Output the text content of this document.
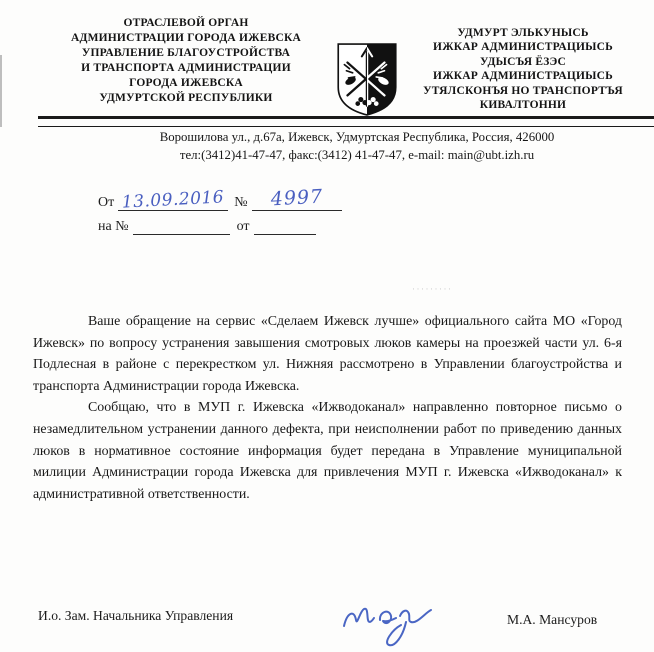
ОТРАСЛЕВОЙ ОРГАН
АДМИНИСТРАЦИИ ГОРОДА ИЖЕВСКА
УПРАВЛЕНИЕ БЛАГОУСТРОЙСТВА
И ТРАНСПОРТА АДМИНИСТРАЦИИ
ГОРОДА ИЖЕВСКА
УДМУРТСКОЙ РЕСПУБЛИКИ
УДМУРТ ЭЛЬКУНЫСЬ
ИЖКАР АДМИНИСТРАЦИЫСЬ
УДЫСЪЯ ЁЗЭС
ИЖКАР АДМИНИСТРАЦИЫСЬ
УТЯЛСКОНЪЯ НО ТРАНСПОРТЪЯ
КИВАЛТОННИ
Ворошилова ул., д.67а, Ижевск, Удмуртская Республика, Россия, 426000
тел:(3412)41-47-47, факс:(3412) 41-47-47, e-mail: main@ubt.izh.ru
От 13.09.2016 №	4997
на №	от
·········

Ваше обращение на сервис «Сделаем Ижевск лучше» официального сайта МО «Город Ижевск» по вопросу устранения завышения смотровых люков камеры на проезжей части ул. 6-я Подлесная в районе с перекрестком ул. Нижняя рассмотрено в Управлении благоустройства и транспорта Администрации города Ижевска.

Сообщаю, что в МУП г. Ижевска «Ижводоканал» направленно повторное письмо о незамедлительном устранении данного дефекта, при неисполнении работ по приведению данных люков в нормативное состояние информация будет передана в Управление муниципальной милиции Администрации города Ижевска для привлечения МУП г. Ижевска «Ижводоканал» к административной ответственности.

И.о. Зам. Начальника Управления	М.А. Мансуров
